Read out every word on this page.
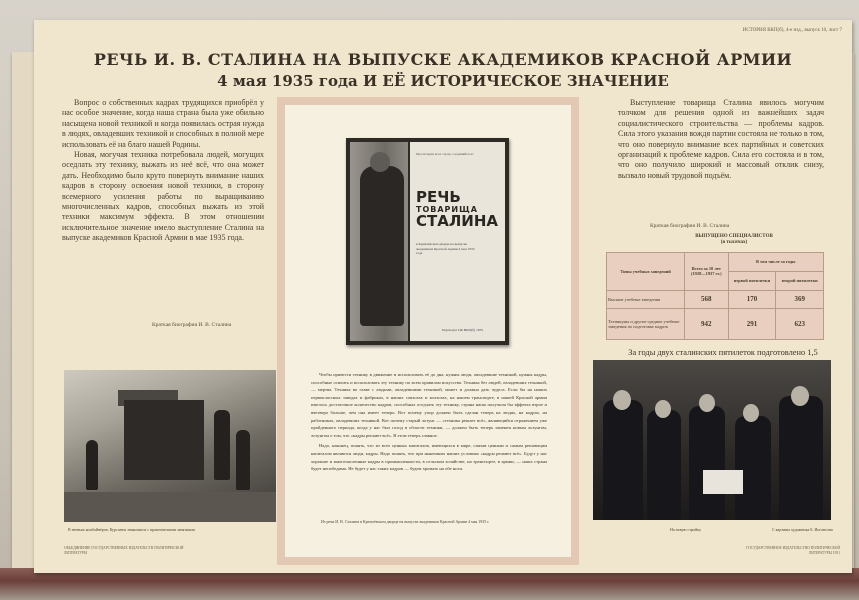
ИСТОРИЯ ВКП(б), 4-е изд., выпуск 10, лист 7
РЕЧЬ И. В. СТАЛИНА НА ВЫПУСКЕ АКАДЕМИКОВ КРАСНОЙ АРМИИ
4 мая 1935 года И ЕЁ ИСТОРИЧЕСКОЕ ЗНАЧЕНИЕ

Вопрос о собственных кадрах трудящихся приобрёл у нас особое значение, когда наша страна была уже обильно насыщена новой техникой и когда появилась острая нужда в людях, овладевших техникой и способных в полной мере использовать её на благо нашей Родины.

Новая, могучая техника потребовала людей, могущих оседлать эту технику, выжать из неё всё, что она может дать. Необходимо было круто повернуть внимание наших кадров в сторону освоения новой техники, в сторону всемерного усиления работы по выращиванию многочисленных кадров, способных выжать из этой техники максимум эффекта. В этом отношении исключительное значение имело выступление Сталина на выпуске академиков Красной Армии в мае 1935 года.

Краткая биография И. В. Сталина
Пролетарии всех стран, соединяйтесь!
РЕЧЬ
ТОВАРИЩА
СТАЛИНА
в Кремлёвском дворце на выпуске академиков Красной Армии 4 мая 1935 года
Партиздат ЦК ВКП(б) 1935

Чтобы привести технику в движение и использовать её до дна, нужны люди, овладевшие техникой, нужны кадры, способные освоить и использовать эту технику по всем правилам искусства. Техника без людей, овладевших техникой, — мертва. Техника во главе с людьми, овладевшими техникой, может и должна дать чудеса. Если бы на наших первоклассных заводах и фабриках, в наших совхозах и колхозах, на нашем транспорте, в нашей Красной армии имелось достаточное количество кадров, способных оседлать эту технику, страна наша получила бы эффекта втрое и вчетверо больше, чем она имеет теперь. Вот почему упор должен быть сделан теперь на людях, на кадрах, на работниках, овладевших техникой. Вот почему старый лозунг — «техника решает всё», являющийся отражением уже пройденного периода, когда у нас был голод в области техники, — должен быть теперь заменен новым лозунгом, лозунгом о том, что «кадры решают всё». В этом теперь главное.

Надо, наконец, понять, что из всех ценных капиталов, имеющихся в мире, самым ценным и самым решающим капиталом являются люди, кадры. Надо понять, что при нынешних наших условиях «кадры решают всё». Будут у нас хорошие и многочисленные кадры в промышленности, в сельском хозяйстве, на транспорте, в армии, — наша страна будет непобедима. Не будет у нас таких кадров — будем хромать на обе ноги.

Из речи И. В. Сталина в Кремлёвском дворце на выпуске академиков Красной Армии 4 мая 1935 г.
В звеньях комбайнёров. Курсанты знакомятся с практическими занятиями

Выступление товарища Сталина явилось могучим толчком для решения одной из важнейших задач социалистического строительства — проблемы кадров. Сила этого указания вождя партии состояла не только в том, что оно повернуло внимание всех партийных и советских организаций к проблеме кадров. Сила его состояла и в том, что оно получило широкий и массовый отклик снизу, вызвало новый трудовой подъём.

Краткая биография И. В. Сталина
ВЫПУЩЕНО СПЕЦИАЛИСТОВ
(в тысячах)
Типы учебных заведений	Всего за 10 лет (1928—1937 гг.)	В том числе за годы	
		первой пятилетки	второй пятилетки
Высшие учебные заведения	568	170	369
Техникумы и другие средние учебные заведения по подготовке кадров	942	291	623
За годы двух сталинских пятилеток подготовлено 1,5
На новую стройку	С картины художника Б. Иогансона
ОБЪЕДИНЕНИЕ ГОСУДАРСТВЕННЫХ ИЗДАТЕЛЬСТВ ПОЛИТИЧЕСКОЙ ЛИТЕРАТУРЫ
ГОСУДАРСТВЕННОЕ ИЗДАТЕЛЬСТВО ПОЛИТИЧЕСКОЙ ЛИТЕРАТУРЫ 1951
